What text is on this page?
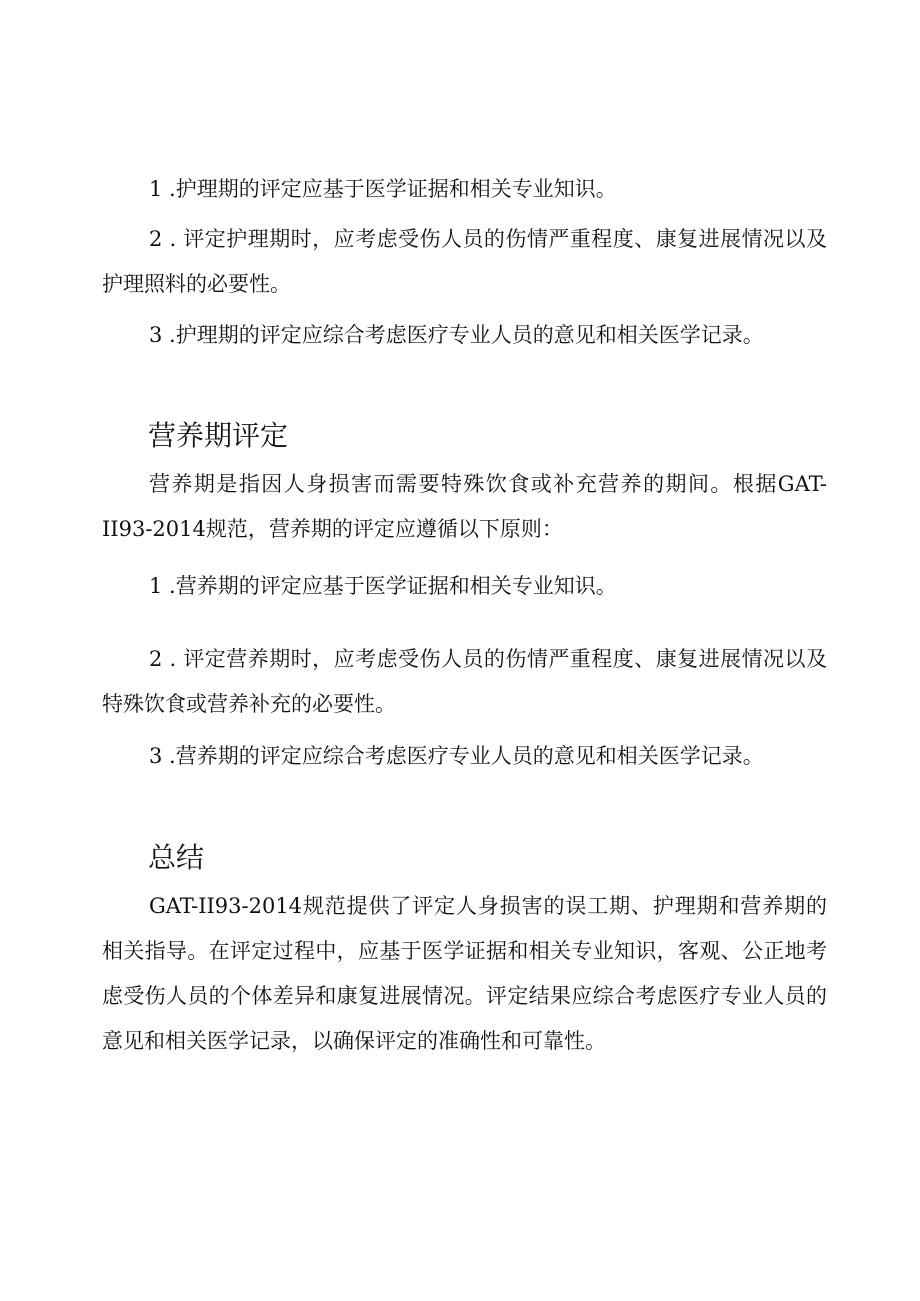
1 .护理期的评定应基于医学证据和相关专业知识。

2 . 评定护理期时，应考虑受伤人员的伤情严重程度、康复进展情况以及护理照料的必要性。

3 .护理期的评定应综合考虑医疗专业人员的意见和相关医学记录。

营养期评定

营养期是指因人身损害而需要特殊饮食或补充营养的期间。根据GAT-II93-2014规范，营养期的评定应遵循以下原则：

1 .营养期的评定应基于医学证据和相关专业知识。

2 . 评定营养期时，应考虑受伤人员的伤情严重程度、康复进展情况以及特殊饮食或营养补充的必要性。

3 .营养期的评定应综合考虑医疗专业人员的意见和相关医学记录。

总结

GAT-II93-2014规范提供了评定人身损害的误工期、护理期和营养期的相关指导。在评定过程中，应基于医学证据和相关专业知识，客观、公正地考虑受伤人员的个体差异和康复进展情况。评定结果应综合考虑医疗专业人员的意见和相关医学记录，以确保评定的准确性和可靠性。
